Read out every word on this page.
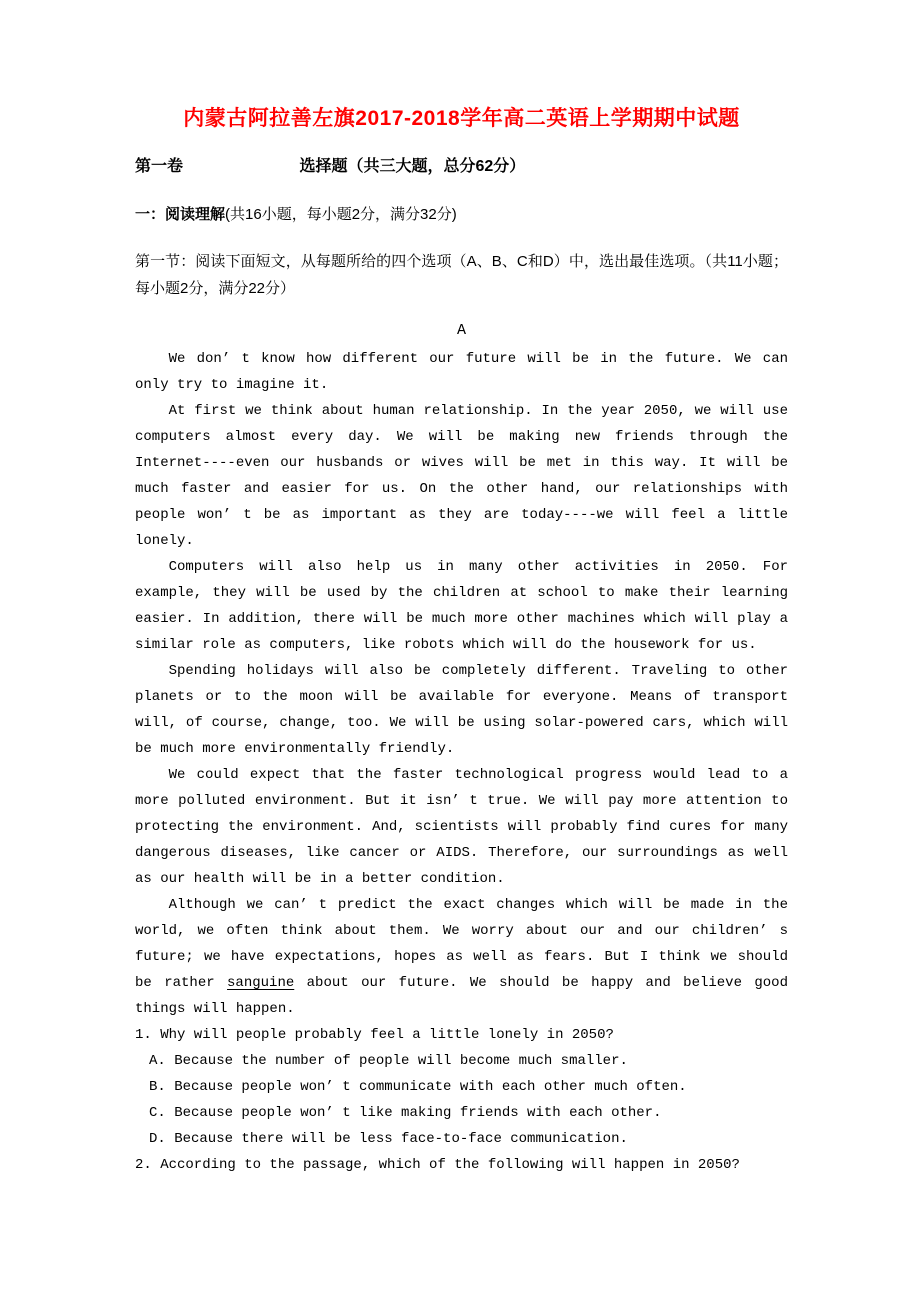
内蒙古阿拉善左旗2017-2018学年高二英语上学期期中试题
第一卷	选择题（共三大题，总分62分）
一：阅读理解(共16小题，每小题2分，满分32分)

第一节：阅读下面短文，从每题所给的四个选项（A、B、C和D）中，选出最佳选项。（共11小题；每小题2分，满分22分）

A

We don’ t know how different our future will be in the future. We can only try to imagine it.

At first we think about human relationship. In the year 2050, we will use computers almost every day. We will be making new friends through the Internet----even our husbands or wives will be met in this way. It will be much faster and easier for us. On the other hand, our relationships with people won’ t be as important as they are today----we will feel a little lonely.

Computers will also help us in many other activities in 2050. For example, they will be used by the children at school to make their learning easier. In addition, there will be much more other machines which will play a similar role as computers, like robots which will do the housework for us.

Spending holidays will also be completely different. Traveling to other planets or to the moon will be available for everyone. Means of transport will, of course, change, too. We will be using solar-powered cars, which will be much more environmentally friendly.

We could expect that the faster technological progress would lead to a more polluted environment. But it isn’ t true. We will pay more attention to protecting the environment. And, scientists will probably find cures for many dangerous diseases, like cancer or AIDS. Therefore, our surroundings as well as our health will be in a better condition.

Although we can’ t predict the exact changes which will be made in the world, we often think about them. We worry about our and our children’ s future; we have expectations, hopes as well as fears. But I think we should be rather sanguine about our future. We should be happy and believe good things will happen.

1. Why will people probably feel a little lonely in 2050?

A. Because the number of people will become much smaller.

B. Because people won’ t communicate with each other much often.

C. Because people won’ t like making friends with each other.

D. Because there will be less face-to-face communication.

2. According to the passage, which of the following will happen in 2050?
